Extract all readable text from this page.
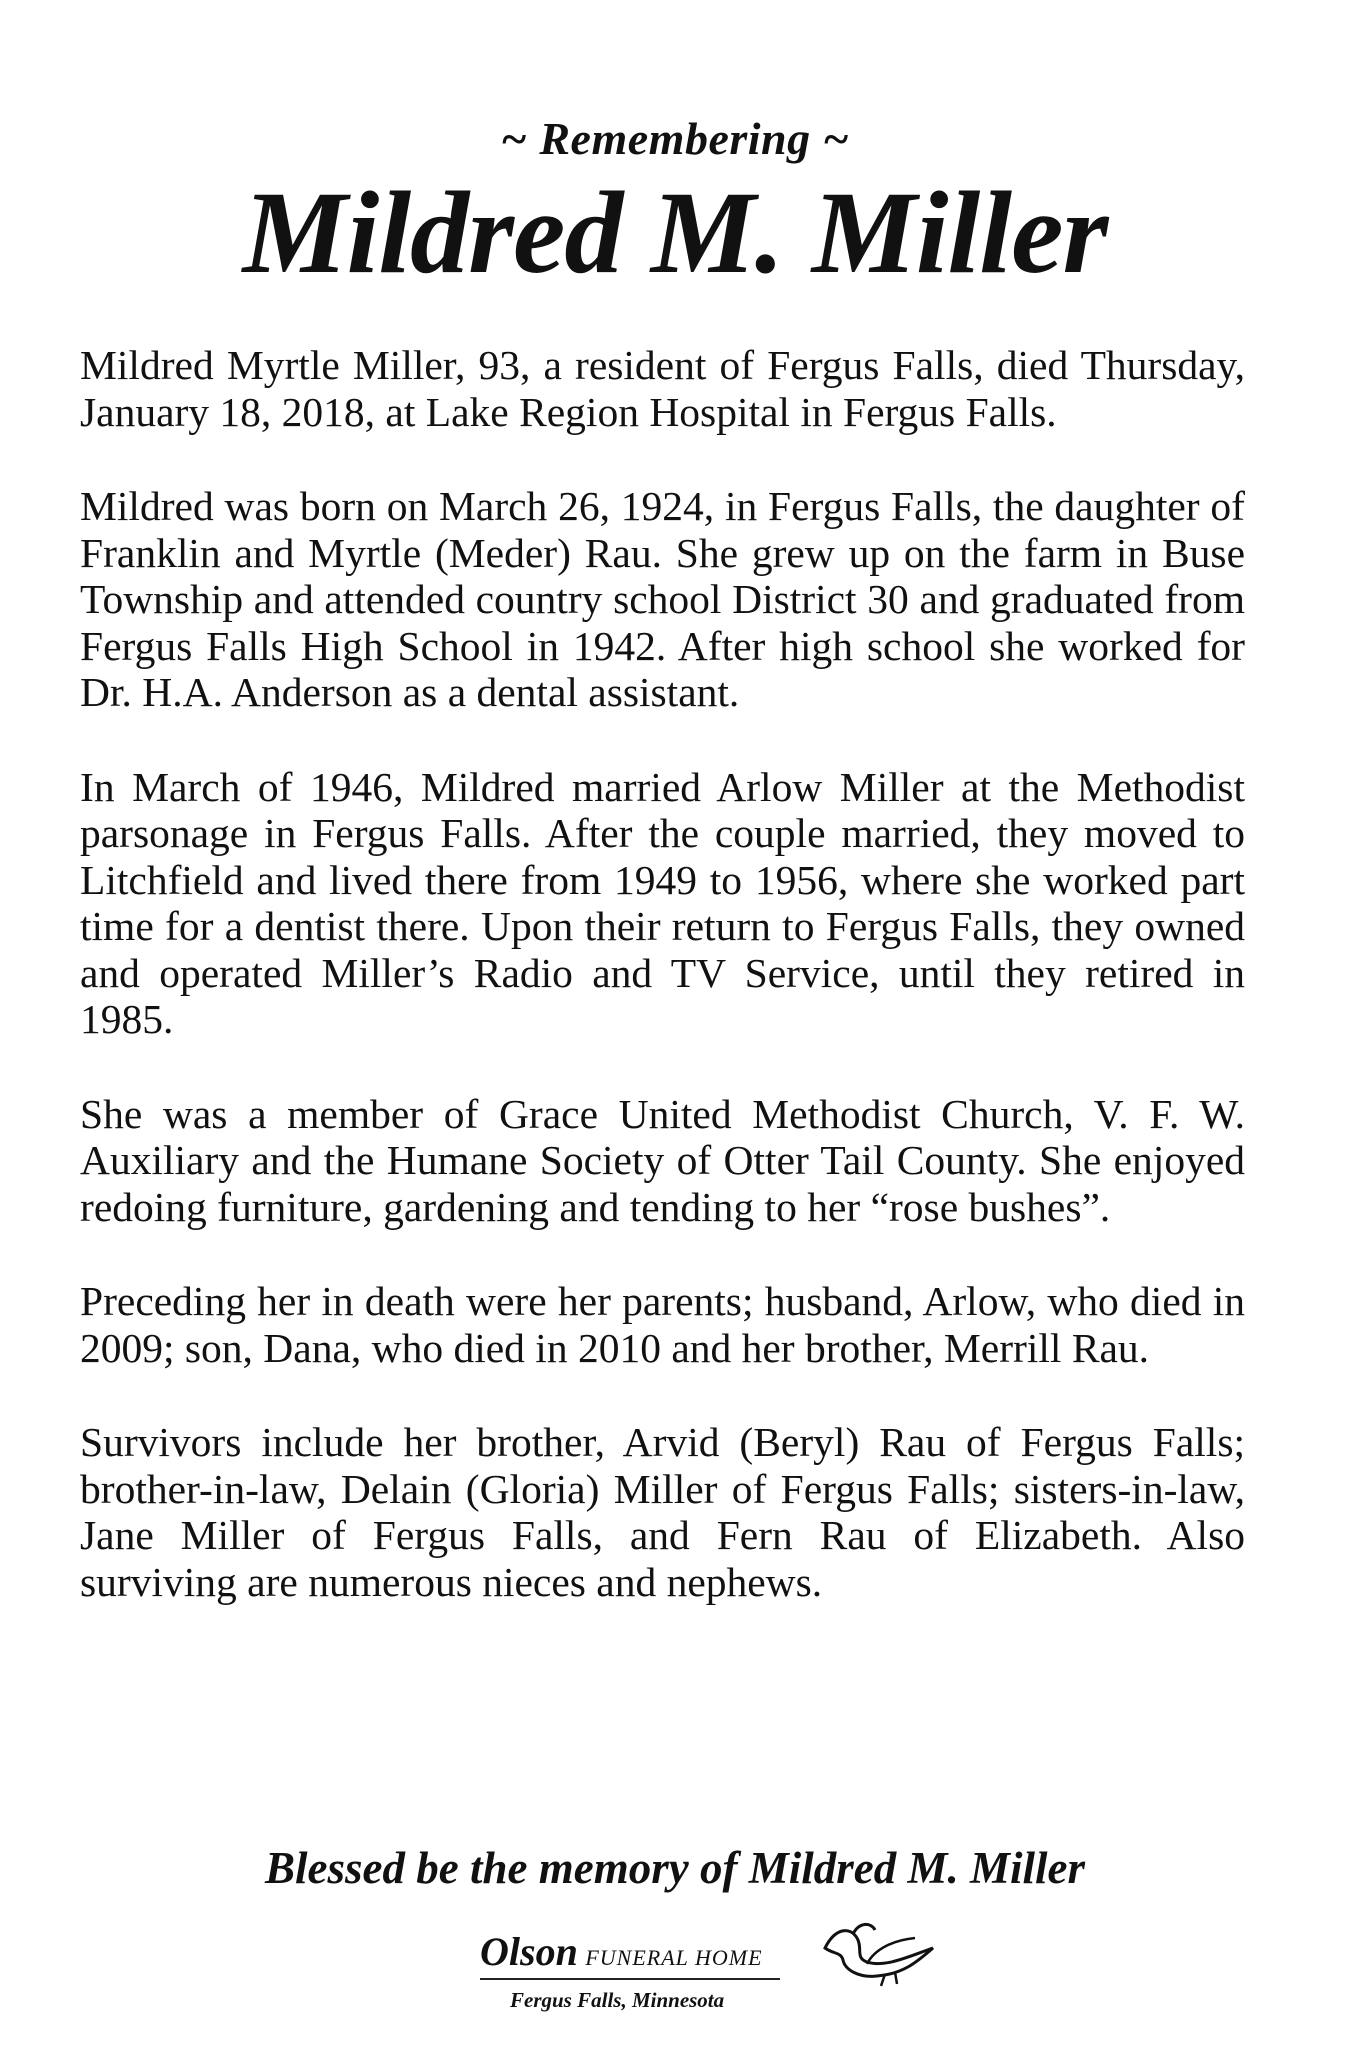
~ Remembering ~
Mildred M. Miller

Mildred Myrtle Miller, 93, a resident of Fergus Falls, died Thursday, January 18, 2018, at Lake Region Hospital in Fergus Falls.

Mildred was born on March 26, 1924, in Fergus Falls, the daughter of Franklin and Myrtle (Meder) Rau. She grew up on the farm in Buse Township and attended country school District 30 and graduated from Fergus Falls High School in 1942. After high school she worked for Dr. H.A. Anderson as a dental assistant.

In March of 1946, Mildred married Arlow Miller at the Methodist parsonage in Fergus Falls. After the couple married, they moved to Litchfield and lived there from 1949 to 1956, where she worked part time for a dentist there. Upon their return to Fergus Falls, they owned and operated Miller’s Radio and TV Service, until they retired in 1985.

She was a member of Grace United Methodist Church, V. F. W. Auxiliary and the Humane Society of Otter Tail County. She enjoyed redoing furniture, gardening and tending to her “rose bushes”.

Preceding her in death were her parents; husband, Arlow, who died in 2009; son, Dana, who died in 2010 and her brother, Merrill Rau.

Survivors include her brother, Arvid (Beryl) Rau of Fergus Falls; brother-in-law, Delain (Gloria) Miller of Fergus Falls; sisters-in-law, Jane Miller of Fergus Falls, and Fern Rau of Elizabeth. Also surviving are numerous nieces and nephews.

Blessed be the memory of Mildred M. Miller
Olson FUNERAL HOME
Fergus Falls, Minnesota
